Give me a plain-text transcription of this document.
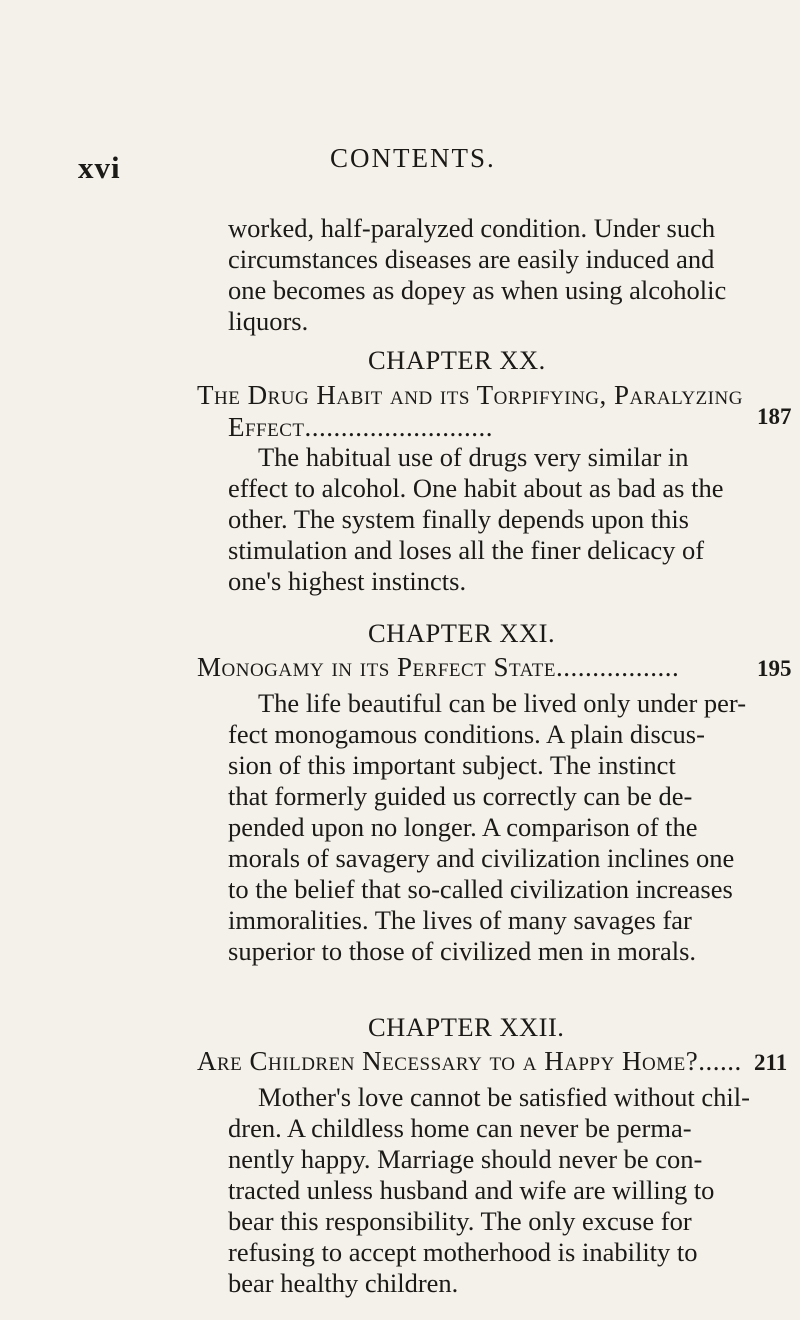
xvi	CONTENTS.
worked, half-paralyzed condition. Under such
circumstances diseases are easily induced and
one becomes as dopey as when using alcoholic
liquors.
CHAPTER XX.
The Drug Habit and its Torpifying, Paralyzing
Effect..........................	187
The habitual use of drugs very similar in
effect to alcohol. One habit about as bad as the
other. The system finally depends upon this
stimulation and loses all the finer delicacy of
one's highest instincts.
CHAPTER XXI.
Monogamy in its Perfect State.................	195
The life beautiful can be lived only under per-
fect monogamous conditions. A plain discus-
sion of this important subject. The instinct
that formerly guided us correctly can be de-
pended upon no longer. A comparison of the
morals of savagery and civilization inclines one
to the belief that so-called civilization increases
immoralities. The lives of many savages far
superior to those of civilized men in morals.
CHAPTER XXII.
Are Children Necessary to a Happy Home?...... 211
Mother's love cannot be satisfied without chil-
dren. A childless home can never be perma-
nently happy. Marriage should never be con-
tracted unless husband and wife are willing to
bear this responsibility. The only excuse for
refusing to accept motherhood is inability to
bear healthy children.
